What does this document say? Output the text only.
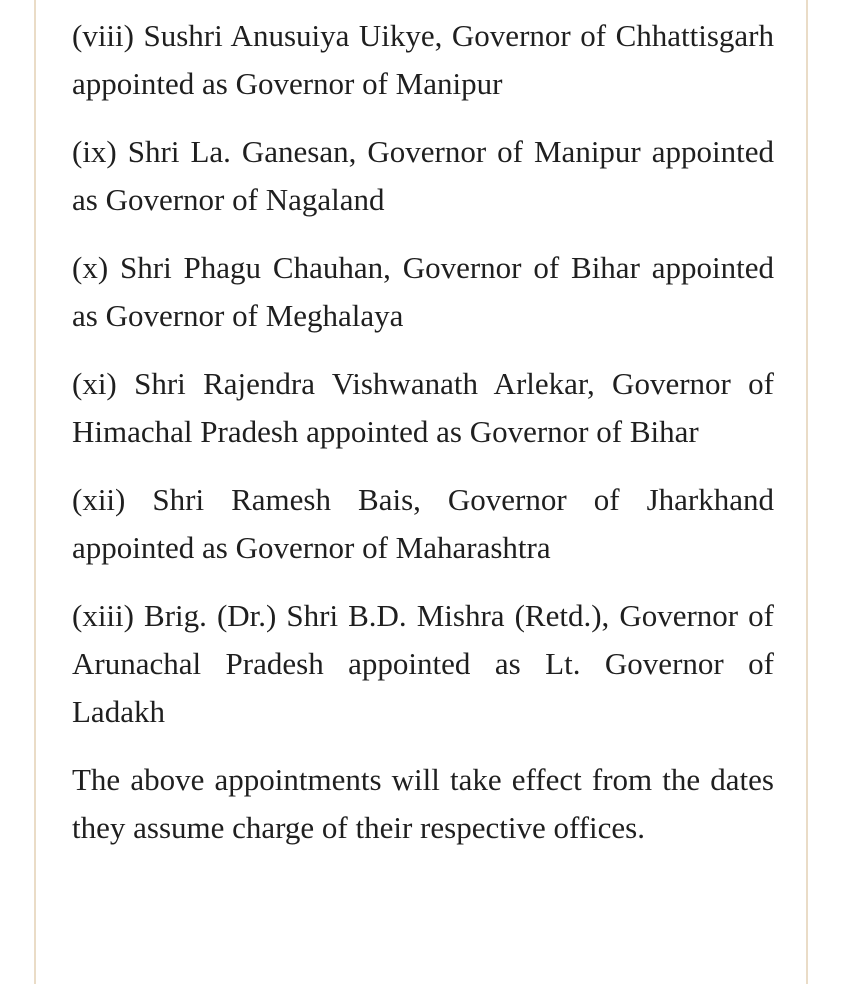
(viii) Sushri Anusuiya Uikye, Governor of Chhattisgarh appointed as Governor of Manipur

(ix) Shri La. Ganesan, Governor of Manipur appointed as Governor of Nagaland

(x) Shri Phagu Chauhan, Governor of Bihar appointed as Governor of Meghalaya

(xi) Shri Rajendra Vishwanath Arlekar, Governor of Himachal Pradesh appointed as Governor of Bihar

(xii) Shri Ramesh Bais, Governor of Jharkhand appointed as Governor of Maharashtra

(xiii) Brig. (Dr.) Shri B.D. Mishra (Retd.), Governor of Arunachal Pradesh appointed as Lt. Governor of Ladakh

The above appointments will take effect from the dates they assume charge of their respective offices.
